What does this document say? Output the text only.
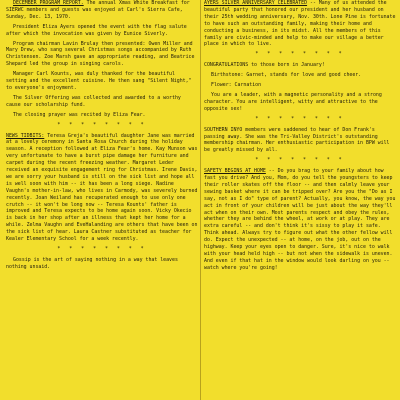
DECEMBER PROGRAM REPORT. The annual Xmas White Breakfast for SIERWC members and guests was enjoyed at Carl's Sierra Cafe, Sunday, Dec. 13, 1970.

President Eliza Ayers opened the event with the flag salute after which the invocation was given by Eunice Siverly.

Program chairman Lavin Brulay then presented: Owen Miller and Mary Drew, who sang several Christmas songs accompanied by Ruth Christensen. Zoe Marsh gave an appropriate reading, and Beatrice Shepard led the group in singing carols.

Manager Carl Kounts, was duly thanked for the beautiful setting and the excellent cuisine. He then sang "Silent Night," to everyone's enjoyment.

The Silver Offering was collected and awarded to a worthy cause our scholarship fund.

The closing prayer was recited by Eliza Fear.

* * * * * * * *

NEWS TIDBITS: Teresa Greja's beautiful daughter Jane was married at a lovely ceremony in Santa Rosa Church during the holiday season. A reception followed at Eliza Fear's home. Kay Munson was very unfortunate to have a burst pipe damage her furniture and carpet during the recent freezing weather. Margaret Leder received an exquisite engagement ring for Christmas. Irene Davis, we are sorry your husband is still on the sick list and hope all is well soon with him -- it has been a long siege. Nadine Vaughn's mother-in-law, who lives in Carmody, was severely burned recently. Joan Weiland has recuperated enough to use only one crutch -- it won't be long now -- Teresa Kounts' father is improved and Teresa expects to be home again soon. Vicky Okecio is back in her shop after an illness that kept her home for a while. Zelma Vaughn and EveHalanding are others that have been on the sick list of hear. Laura Castner substituted as teacher for Kealer Elementary School for a week recently.

* * * * * * * *

Gossip is the art of saying nothing in a way that leaves nothing unsaid.

AYERS SILVER ANNIVERSARY CELEBRATED -- Many of us attended the beautiful party that honored our president and her husband on their 25th wedding anniversary, Nov. 30th. Lone Pine is fortunate to have such an outstanding family, making their home and conducting a business, in its midst. All the members of this family are civic-minded and help to make our village a better place in which to live.

* * * * * * * *

CONGRATULATIONS to those born in January!

Birthstone: Garnet, stands for love and good cheer.

Flower: Carnation

You are a leader, with a magnetic personality and a strong character. You are intelligent, witty and attractive to the opposite sex!

* * * * * * * *

SOUTHERN INYO members were saddened to hear of Don Frank's passing away. She was the Tri-Valley District's outstanding membership chairman. Her enthusiastic participation in BPW will be greatly missed by all.

* * * * * * * *

SAFETY BEGINS AT HOME -- Do you brag to your family about how fast you drive? And you, Mom, do you tell the youngsters to keep their roller skates off the floor -- and then calmly leave your sewing basket where it can be tripped over? Are you the "Do as I say, not as I do" type of parent? Actually, you know, the way you act in front of your children will be just about the way they'll act when on their own. Most parents respect and obey the rules, whether they are behind the wheel, at work or at play. They are extra careful -- and don't think it's sissy to play it safe. Think ahead. Always try to figure out what the other fellow will do. Expect the unexpected -- at home, on the job, out on the highway. Keep your eyes open to danger. Sure, it's nice to walk with your head held high -- but not when the sidewalk is uneven. And even if that hat in the window would look darling on you -- watch where you're going!
